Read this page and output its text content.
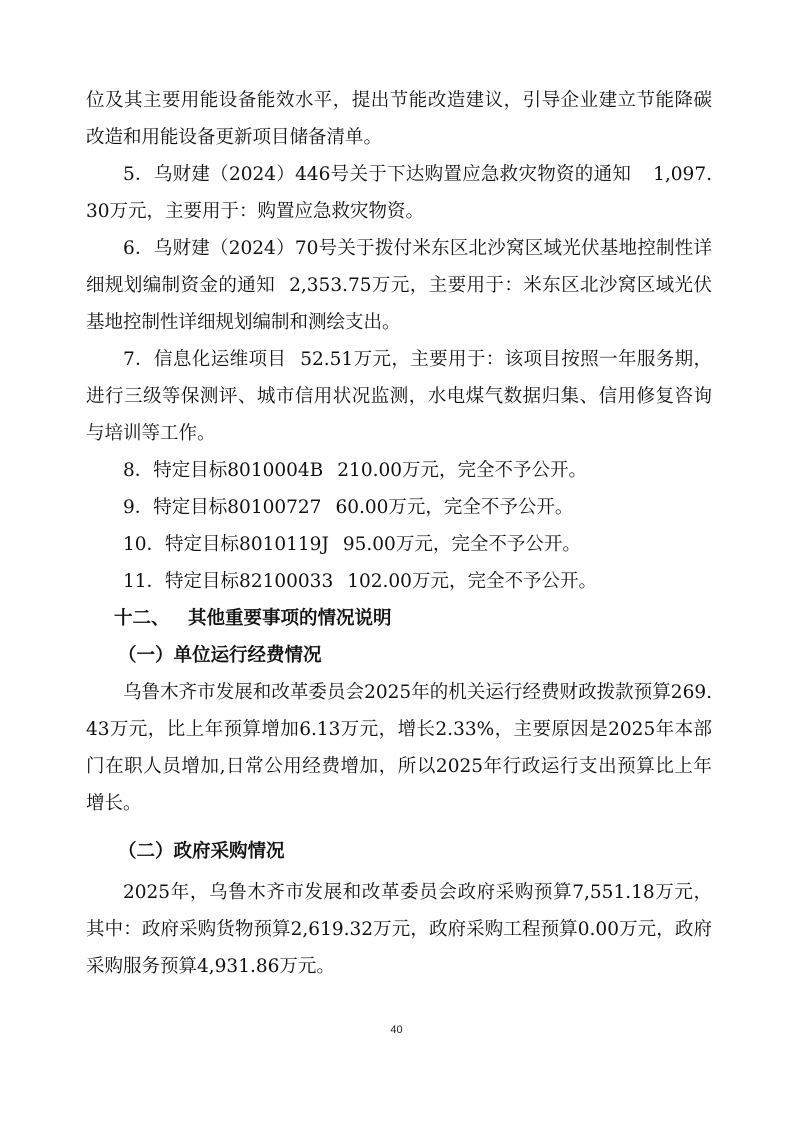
位及其主要用能设备能效水平，提出节能改造建议，引导企业建立节能降碳改造和用能设备更新项目储备清单。

5．乌财建（2024）446号关于下达购置应急救灾物资的通知 1,097.30万元，主要用于：购置应急救灾物资。

6．乌财建（2024）70号关于拨付米东区北沙窝区域光伏基地控制性详细规划编制资金的通知 2,353.75万元，主要用于：米东区北沙窝区域光伏基地控制性详细规划编制和测绘支出。

7．信息化运维项目 52.51万元，主要用于：该项目按照一年服务期，进行三级等保测评、城市信用状况监测，水电煤气数据归集、信用修复咨询与培训等工作。

8．特定目标8010004B 210.00万元，完全不予公开。

9．特定目标80100727 60.00万元，完全不予公开。

10．特定目标8010119J 95.00万元，完全不予公开。

11．特定目标82100033 102.00万元，完全不予公开。

十二、 其他重要事项的情况说明
（一）单位运行经费情况

乌鲁木齐市发展和改革委员会2025年的机关运行经费财政拨款预算269.43万元，比上年预算增加6.13万元，增长2.33%，主要原因是2025年本部门在职人员增加,日常公用经费增加，所以2025年行政运行支出预算比上年增长。

（二）政府采购情况

2025年，乌鲁木齐市发展和改革委员会政府采购预算7,551.18万元，其中：政府采购货物预算2,619.32万元，政府采购工程预算0.00万元，政府采购服务预算4,931.86万元。

40
